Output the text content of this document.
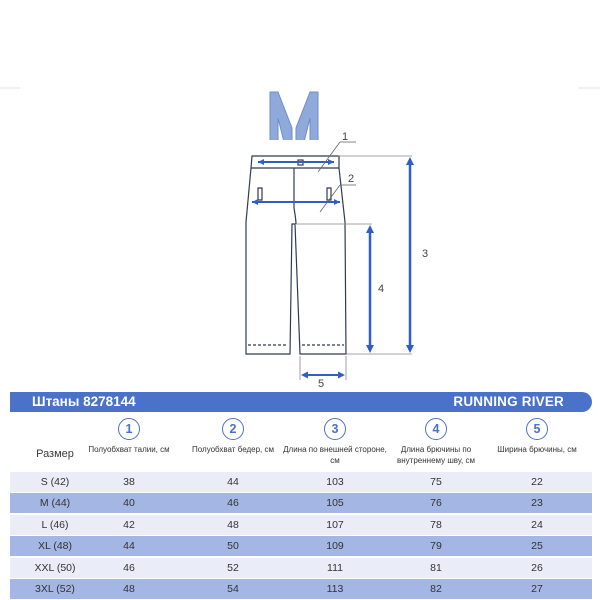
1
2
3
4
5
Штаны 8278144	RUNNING RIVER
Размер
1
Полуобхват талии, см
2
Полуобхват бедер, см
3
Длина по внешней стороне, см
4
Длина брючины по внутреннему шву, см
5
Ширина брючины, см
S (42)	38	44	103	75	22
M (44)	40	46	105	76	23
L (46)	42	48	107	78	24
XL (48)	44	50	109	79	25
XXL (50)	46	52	111	81	26
3XL (52)	48	54	113	82	27
